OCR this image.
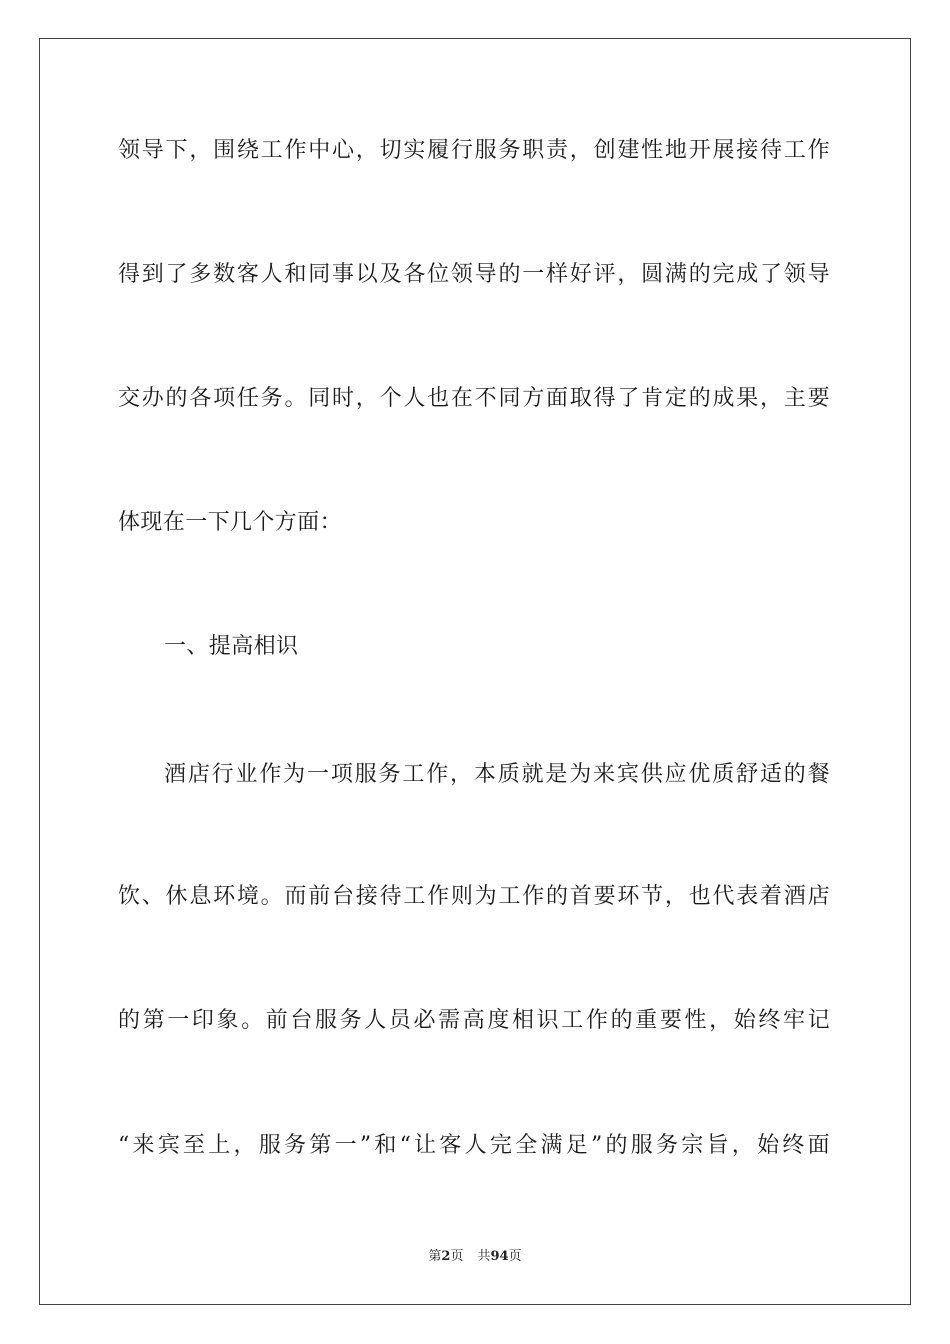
领导下，围绕工作中心，切实履行服务职责，创建性地开展接待工作
得到了多数客人和同事以及各位领导的一样好评，圆满的完成了领导
交办的各项任务。同时，个人也在不同方面取得了肯定的成果，主要
体现在一下几个方面：
一、提高相识
酒店行业作为一项服务工作，本质就是为来宾供应优质舒适的餐
饮、休息环境。而前台接待工作则为工作的首要环节，也代表着酒店
的第一印象。前台服务人员必需高度相识工作的重要性，始终牢记
“来宾至上，服务第一”和“让客人完全满足”的服务宗旨，始终面
第2页 共94页
